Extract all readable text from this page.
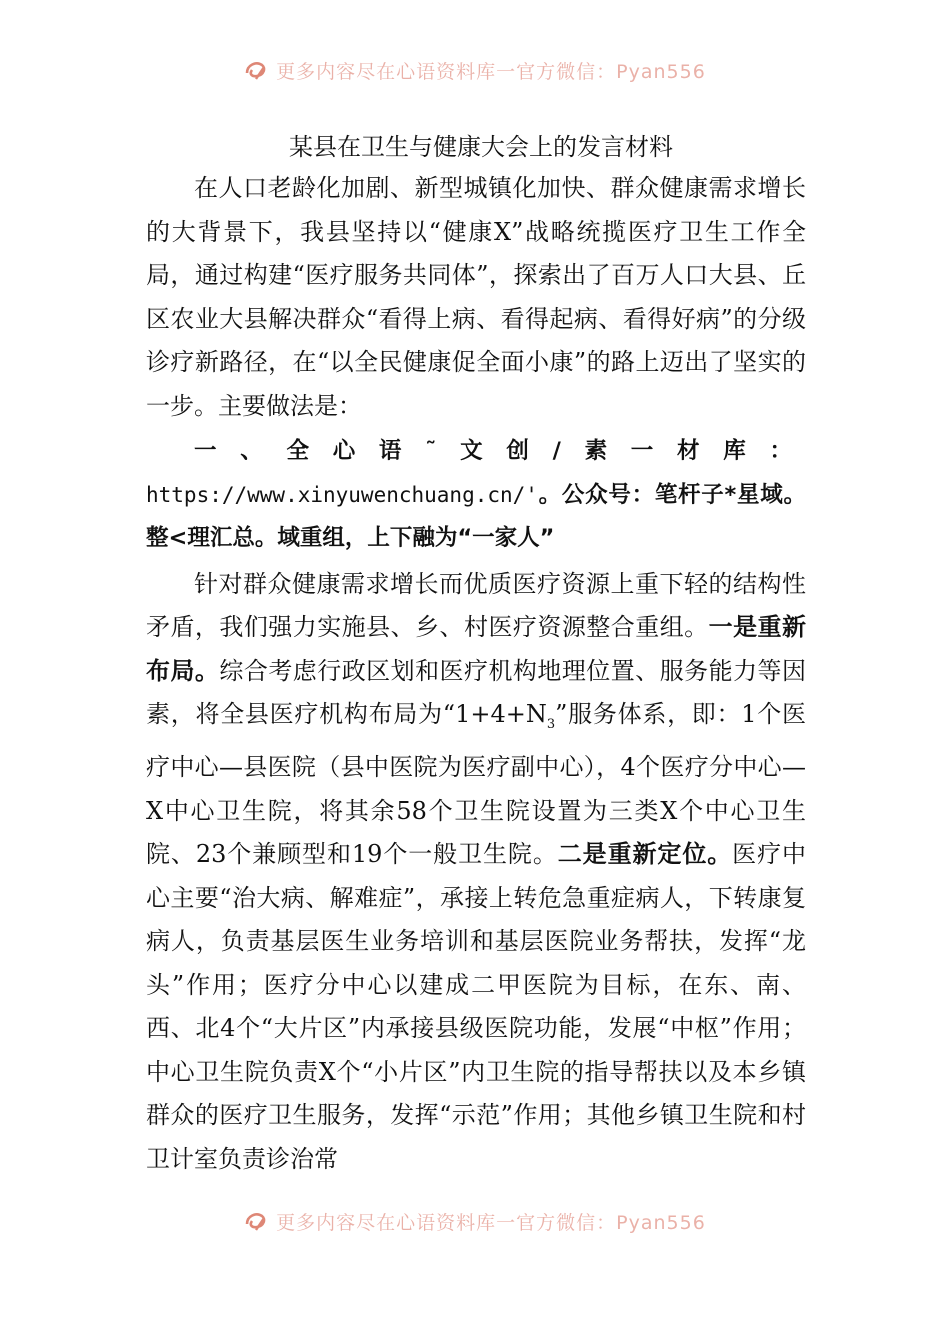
更多内容尽在心语资料库一官方微信：Pyan556

某县在卫生与健康大会上的发言材料

在人口老龄化加剧、新型城镇化加快、群众健康需求增长的大背景下，我县坚持以“健康X”战略统揽医疗卫生工作全局，通过构建“医疗服务共同体”，探索出了百万人口大县、丘区农业大县解决群众“看得上病、看得起病、看得好病”的分级诊疗新路径，在“以全民健康促全面小康”的路上迈出了坚实的一步。主要做法是：

一、全心语˜文创/素一材库：https://www.xinyuwenchuang.cn/'。公众号：笔杆子*星域。整<理汇总。域重组，上下融为“一家人”

针对群众健康需求增长而优质医疗资源上重下轻的结构性矛盾，我们强力实施县、乡、村医疗资源整合重组。一是重新布局。综合考虑行政区划和医疗机构地理位置、服务能力等因素，将全县医疗机构布局为“$1+4+N_3$”服务体系，即：1个医疗中心—县医院（县中医院为医疗副中心），4个医疗分中心—X中心卫生院，将其余58个卫生院设置为三类X个中心卫生院、23个兼顾型和19个一般卫生院。二是重新定位。医疗中心主要“治大病、解难症”，承接上转危急重症病人，下转康复病人，负责基层医生业务培训和基层医院业务帮扶，发挥“龙头”作用；医疗分中心以建成二甲医院为目标，在东、南、西、北4个“大片区”内承接县级医院功能，发展“中枢”作用；中心卫生院负责X个“小片区”内卫生院的指导帮扶以及本乡镇群众的医疗卫生服务，发挥“示范”作用；其他乡镇卫生院和村卫计室负责诊治常

更多内容尽在心语资料库一官方微信：Pyan556
